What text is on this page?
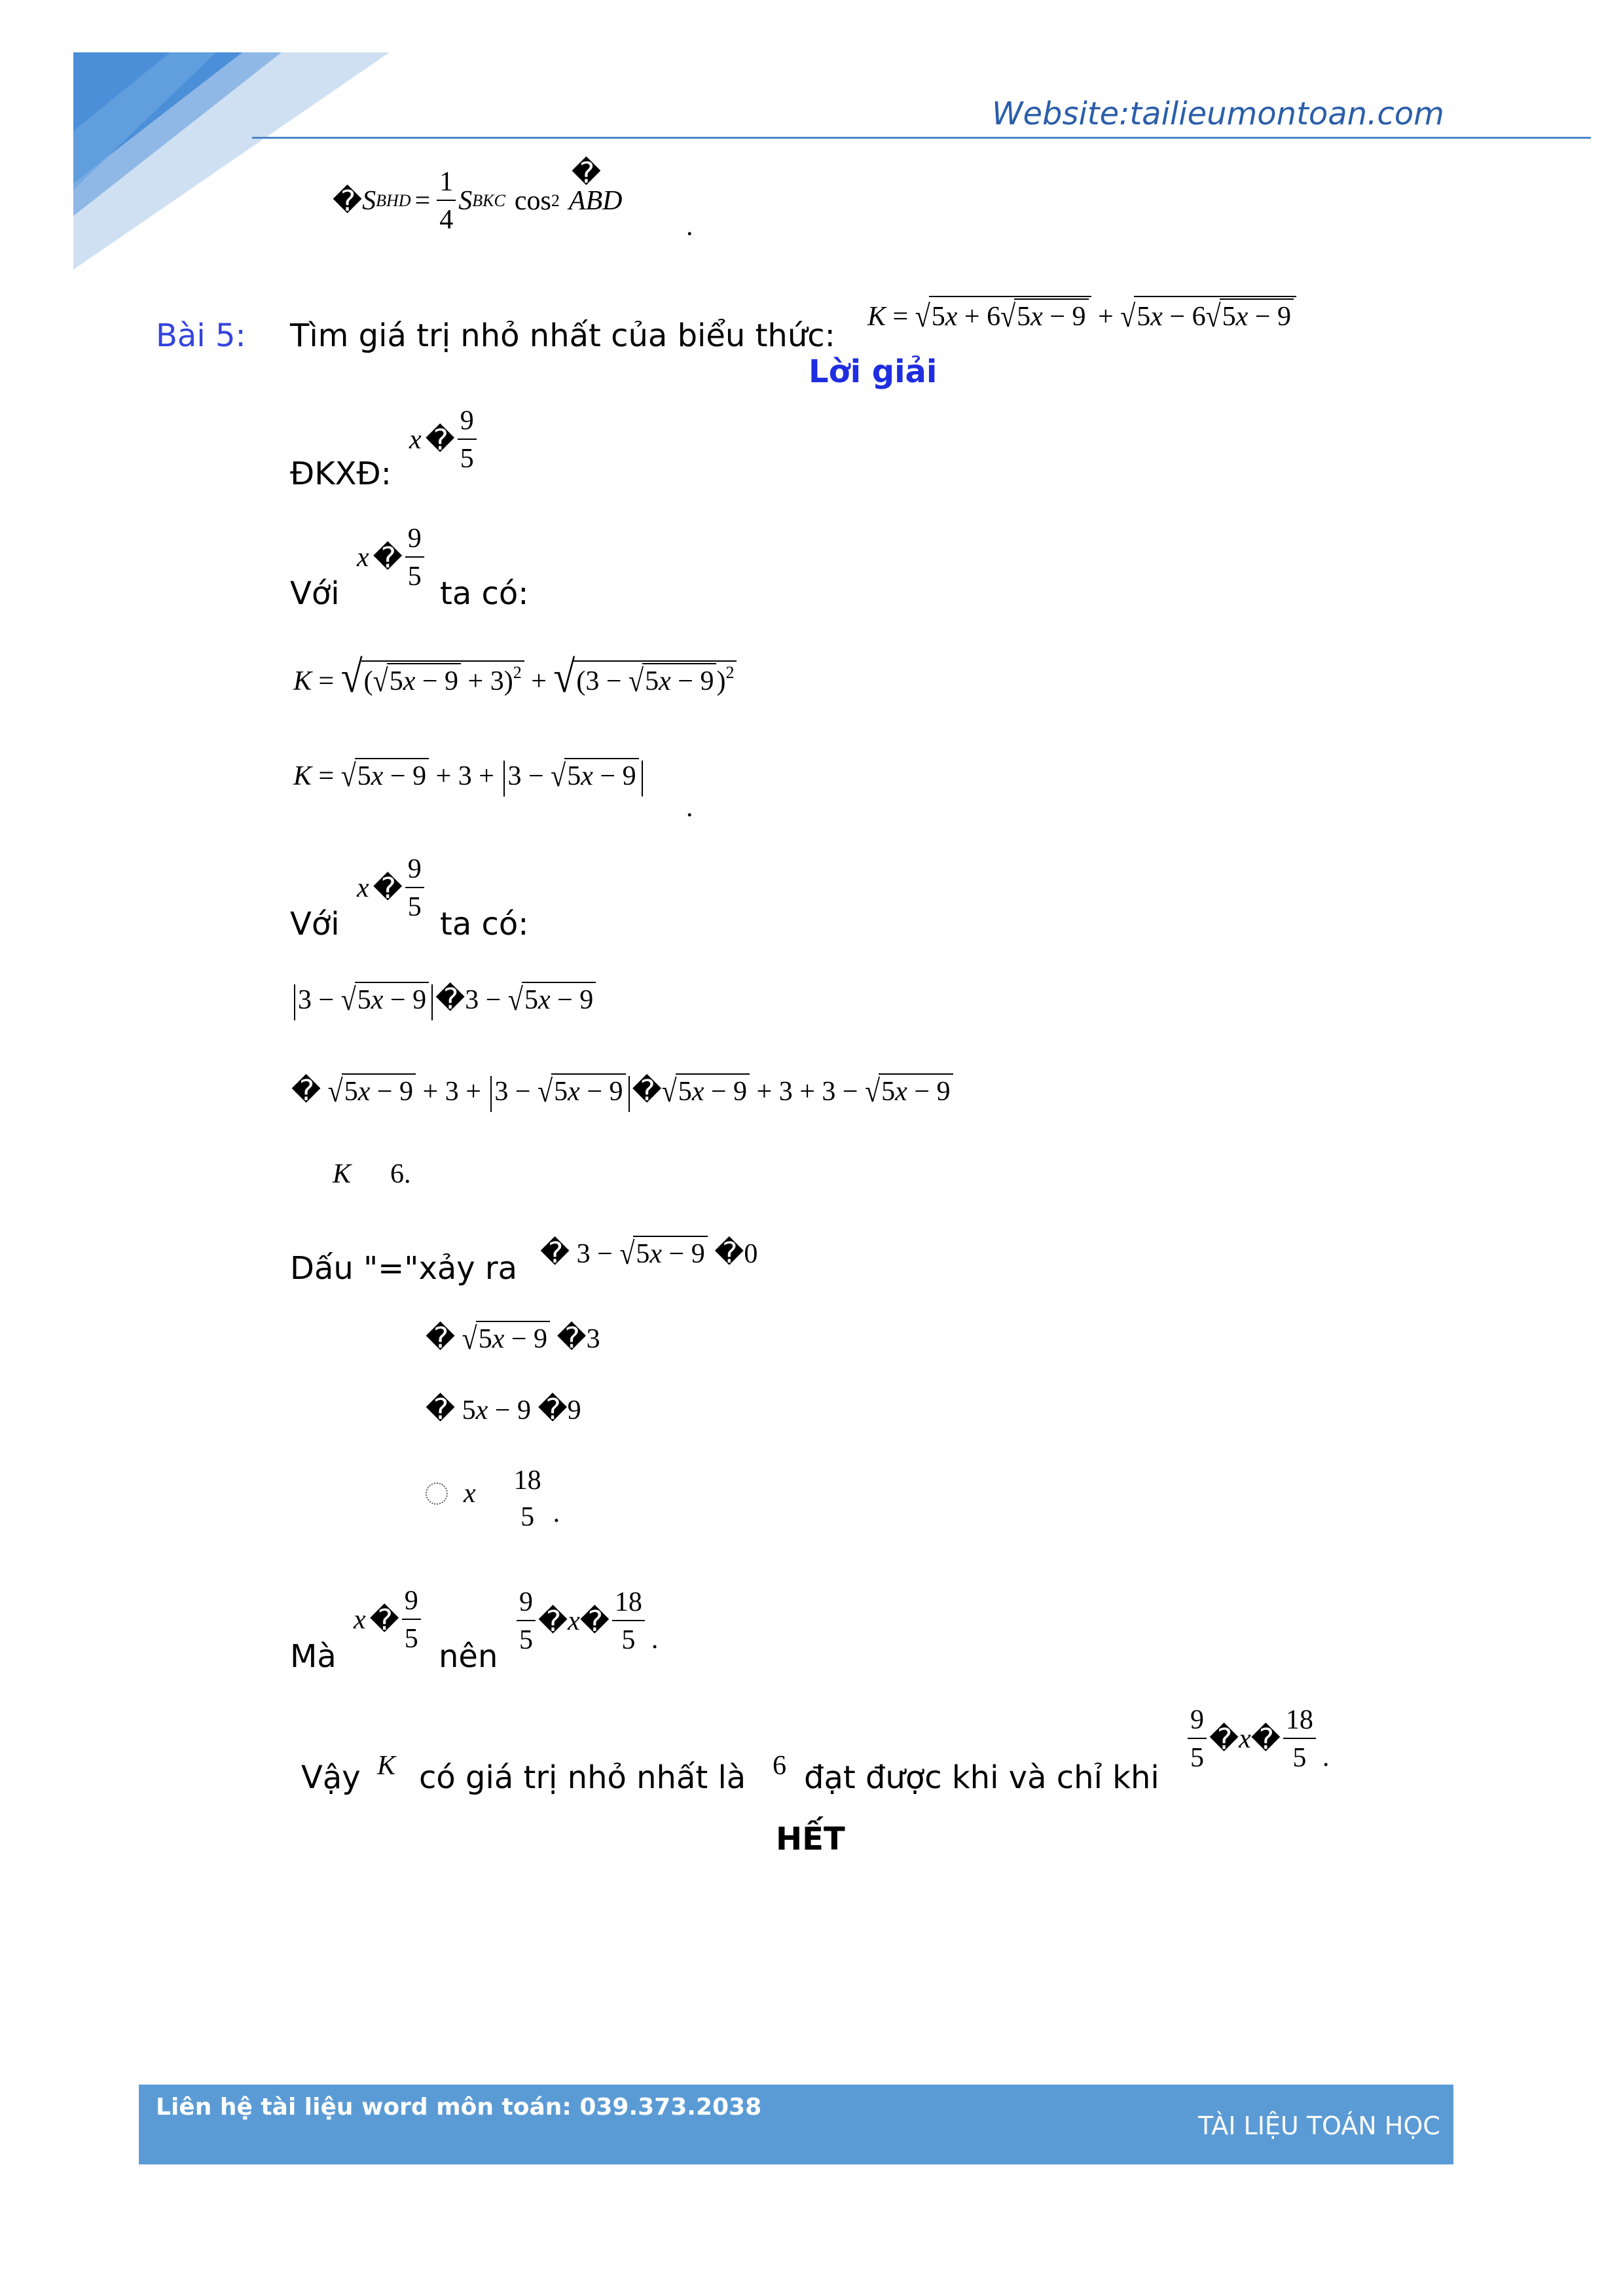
Website:tailieumontoan.com
� S BHD = $\frac{1}{4}$ S BKC cos 2
�
ABD
.
Bài 5: Tìm giá trị nhỏ nhất của biểu thức:
K = √5x + 6√5x − 9 + √5x − 6√5x − 9
Lời giải
ĐKXĐ:
x � $\frac{9}{5}$
Với
x � $\frac{9}{5}$
ta có:
$K = √(√5x - 9 + 3)^2 + √(3 - √5x - 9)^2$
K = √5x − 9 + 3 + 3 − √5x − 9
.
Với
x � $\frac{9}{5}$
ta có:
3 − √5x − 9 �3 − √5x − 9
� √5x − 9 + 3 + 3 − √5x − 9 �√5x − 9 + 3 + 3 − √5x − 9
K 6.
Dấu "="xảy ra � 3 − √5x − 9 �0
� √5x − 9 �3
� 5x − 9 �9
x 18
5 .
Mà
x � $\frac{9}{5}$
nên
$\frac{9}{5}$ � x � $\frac{18}{5}$ .
Vậy K có giá trị nhỏ nhất là 6 đạt được khi và chỉ khi
$\frac{9}{5}$ � x � $\frac{18}{5}$ .
HẾT
Liên hệ tài liệu word môn toán: 039.373.2038
TÀI LIỆU TOÁN HỌC
